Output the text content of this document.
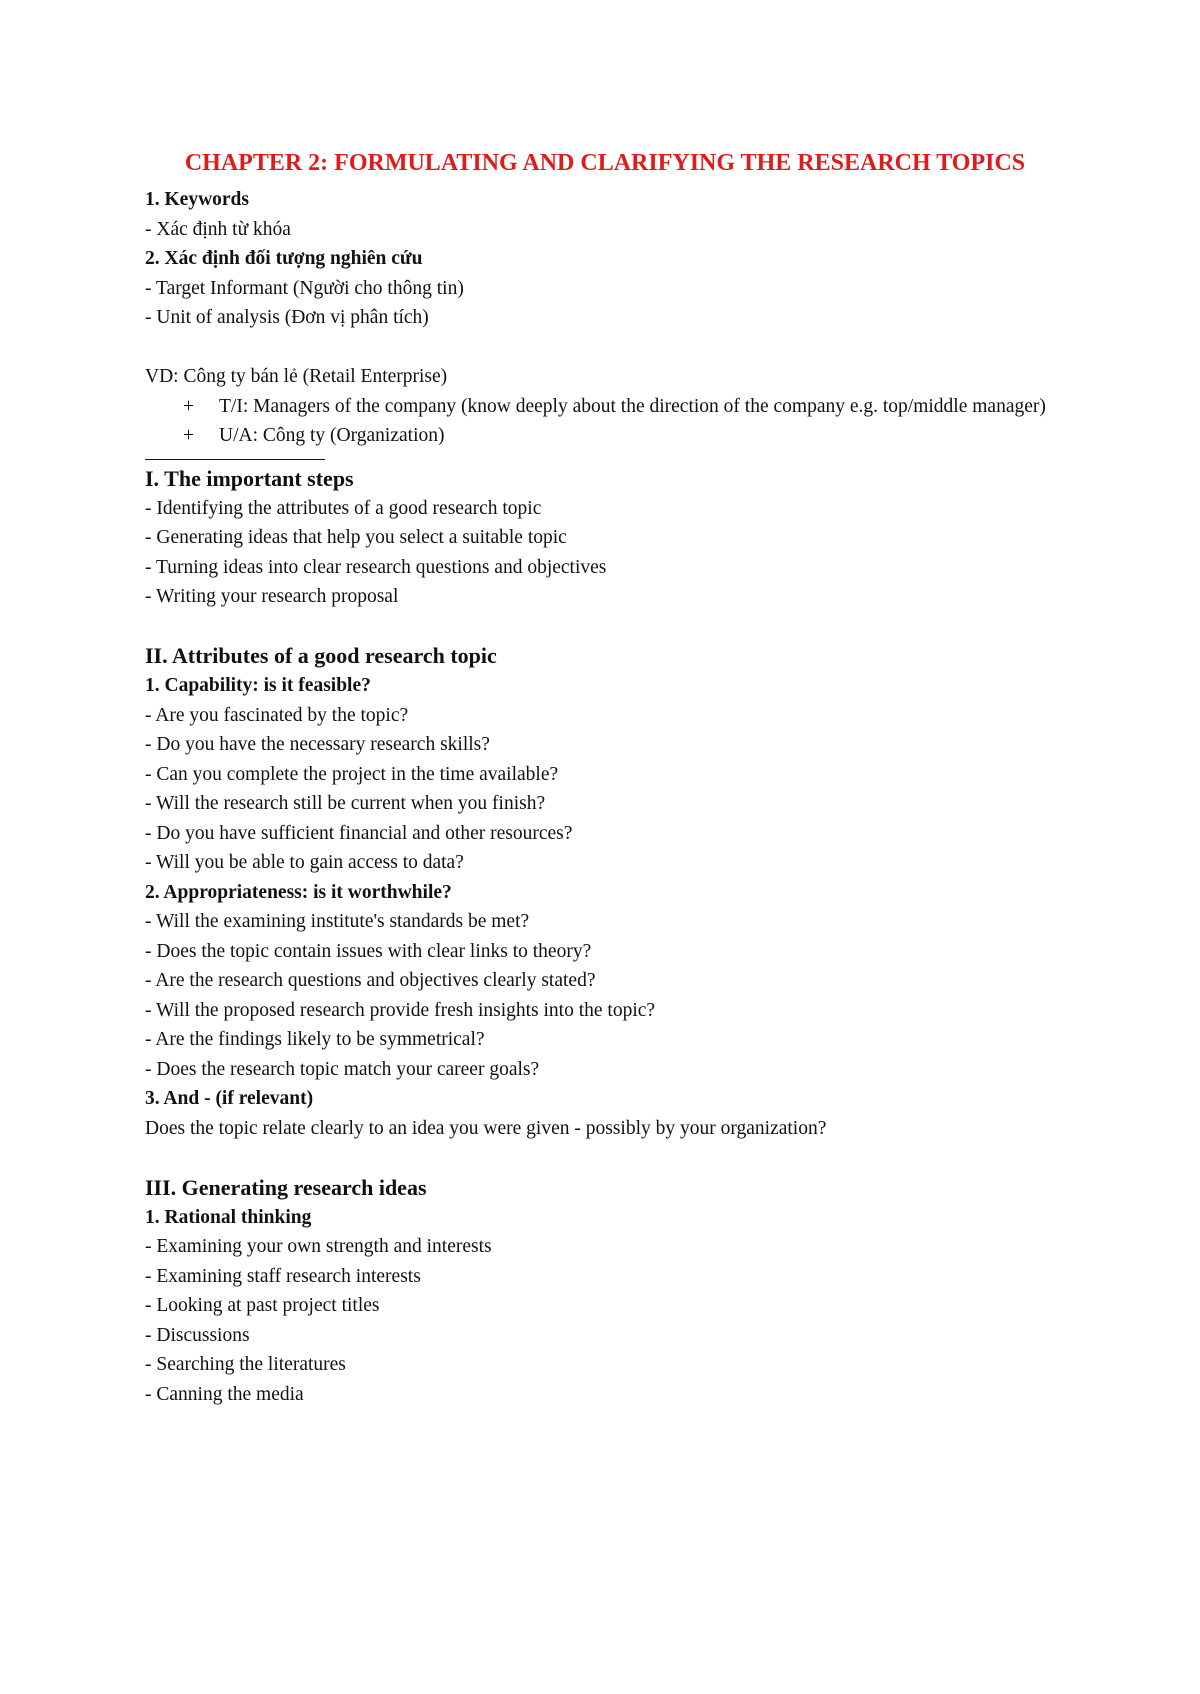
CHAPTER 2: FORMULATING AND CLARIFYING THE RESEARCH TOPICS

1. Keywords

- Xác định từ khóa

2. Xác định đối tượng nghiên cứu

- Target Informant (Người cho thông tin)

- Unit of analysis (Đơn vị phân tích)

VD: Công ty bán lẻ (Retail Enterprise)

+	T/I: Managers of the company (know deeply about the direction of the company e.g. top/middle manager)
+	U/A: Công ty (Organization)
I. The important steps

- Identifying the attributes of a good research topic

- Generating ideas that help you select a suitable topic

- Turning ideas into clear research questions and objectives

- Writing your research proposal

II. Attributes of a good research topic

1. Capability: is it feasible?

- Are you fascinated by the topic?

- Do you have the necessary research skills?

- Can you complete the project in the time available?

- Will the research still be current when you finish?

- Do you have sufficient financial and other resources?

- Will you be able to gain access to data?

2. Appropriateness: is it worthwhile?

- Will the examining institute's standards be met?

- Does the topic contain issues with clear links to theory?

- Are the research questions and objectives clearly stated?

- Will the proposed research provide fresh insights into the topic?

- Are the findings likely to be symmetrical?

- Does the research topic match your career goals?

3. And - (if relevant)

Does the topic relate clearly to an idea you were given - possibly by your organization?

III. Generating research ideas

1. Rational thinking

- Examining your own strength and interests

- Examining staff research interests

- Looking at past project titles

- Discussions

- Searching the literatures

- Canning the media
